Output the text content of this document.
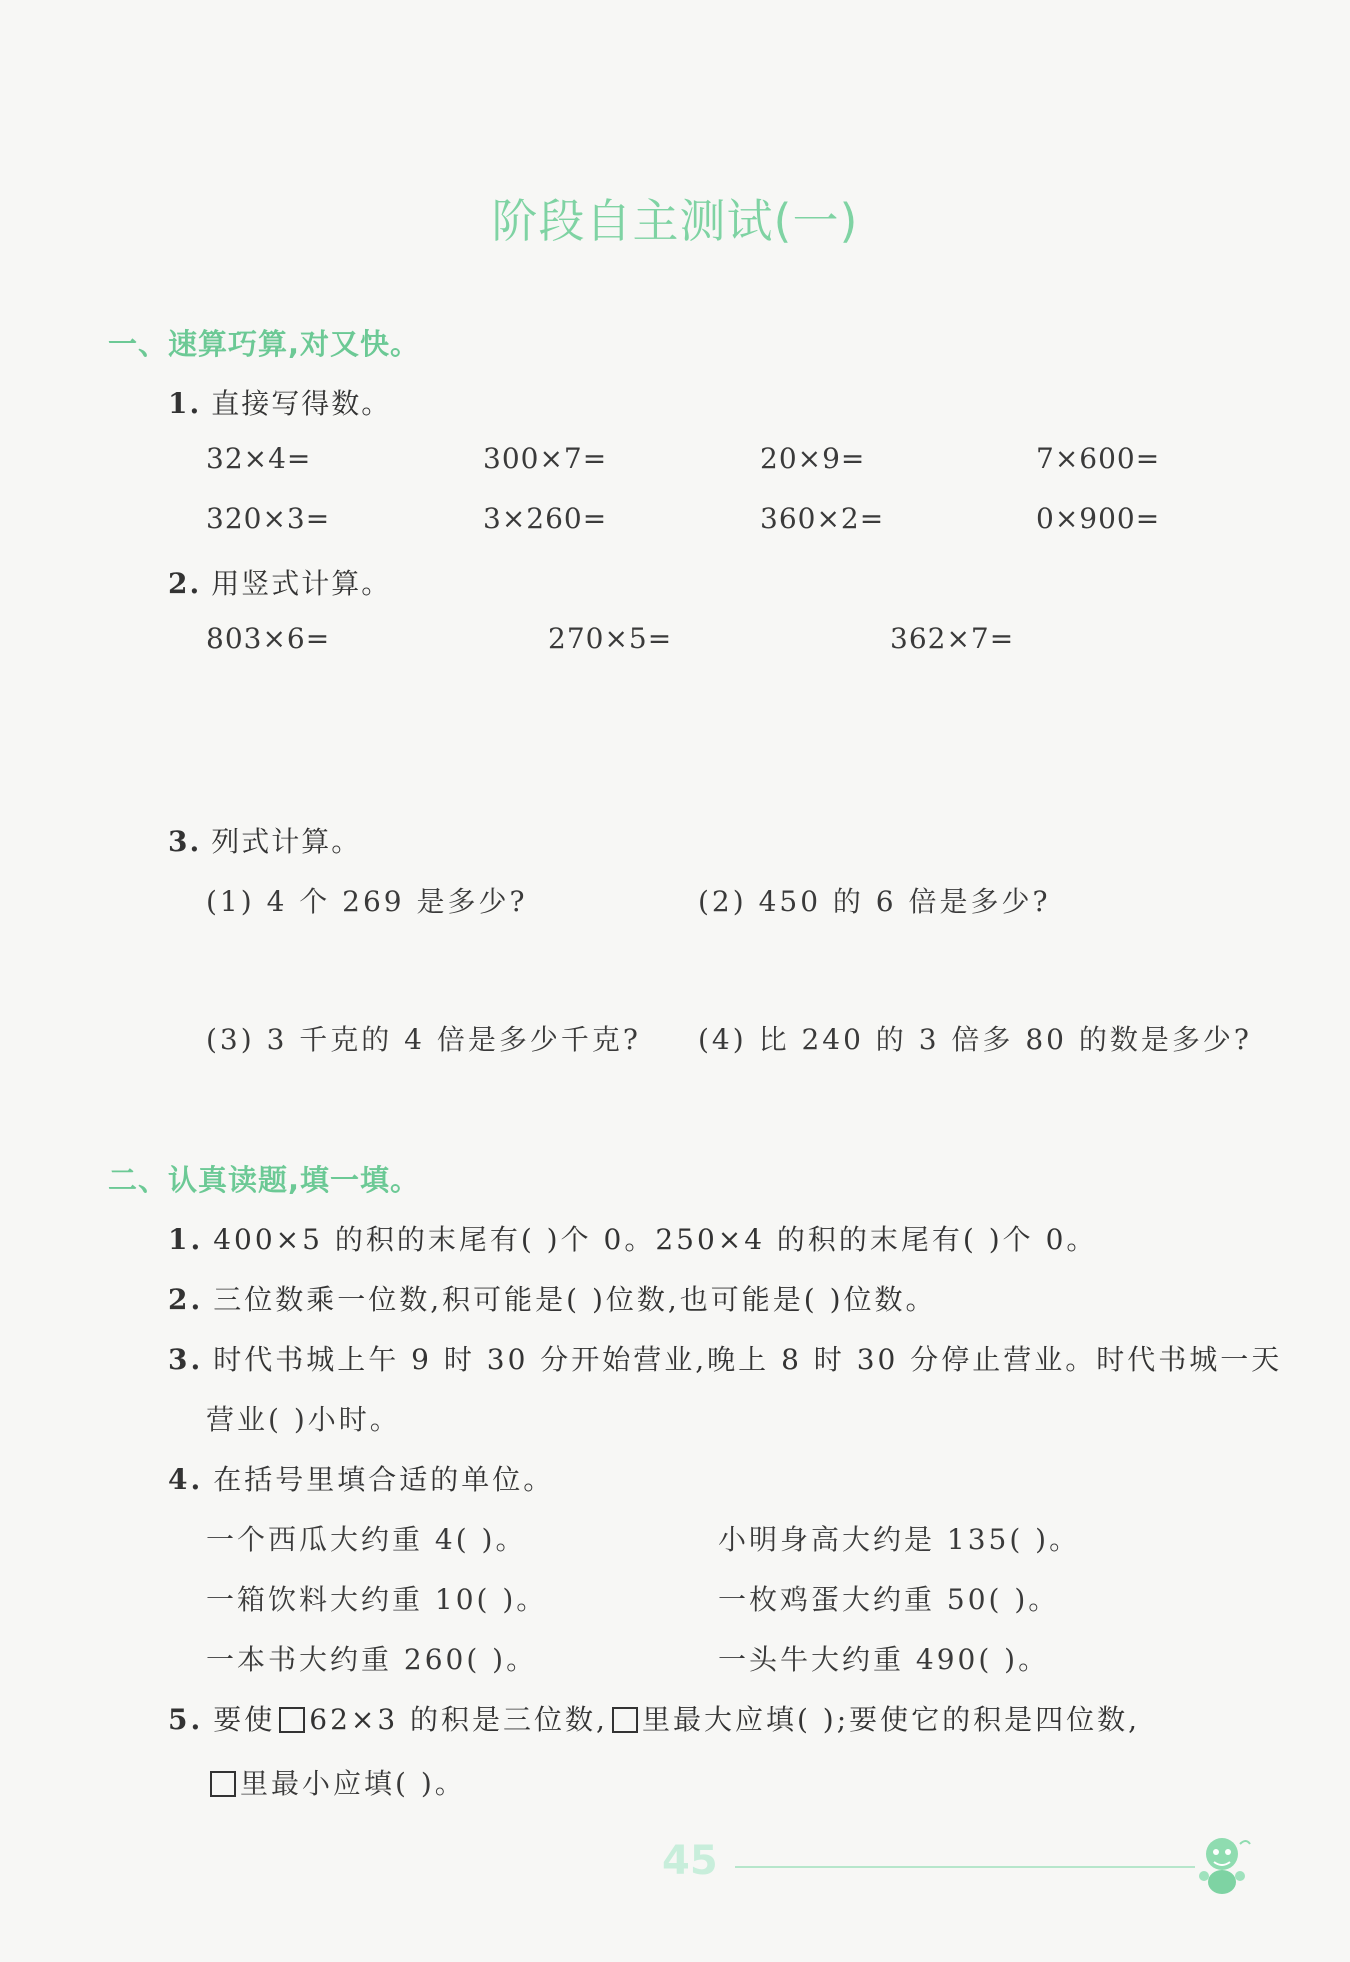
阶段自主测试(一)
一、速算巧算,对又快。
1. 直接写得数。
32×4=	300×7=	20×9=	7×600=
320×3=	3×260=	360×2=	0×900=
2. 用竖式计算。
803×6=	270×5=	362×7=
3. 列式计算。
(1) 4 个 269 是多少?	(2) 450 的 6 倍是多少?
(3) 3 千克的 4 倍是多少千克? (4) 比 240 的 3 倍多 80 的数是多少?
二、认真读题,填一填。
1. 400×5 的积的末尾有( )个 0。250×4 的积的末尾有( )个 0。
2. 三位数乘一位数,积可能是( )位数,也可能是( )位数。
3. 时代书城上午 9 时 30 分开始营业,晚上 8 时 30 分停止营业。时代书城一天
营业( )小时。
4. 在括号里填合适的单位。
一个西瓜大约重 4( )。	小明身高大约是 135( )。
一箱饮料大约重 10( )。	一枚鸡蛋大约重 50( )。
一本书大约重 260( )。	一头牛大约重 490( )。
5. 要使 62×3 的积是三位数, 里最大应填( );要使它的积是四位数,
里最小应填( )。
45
